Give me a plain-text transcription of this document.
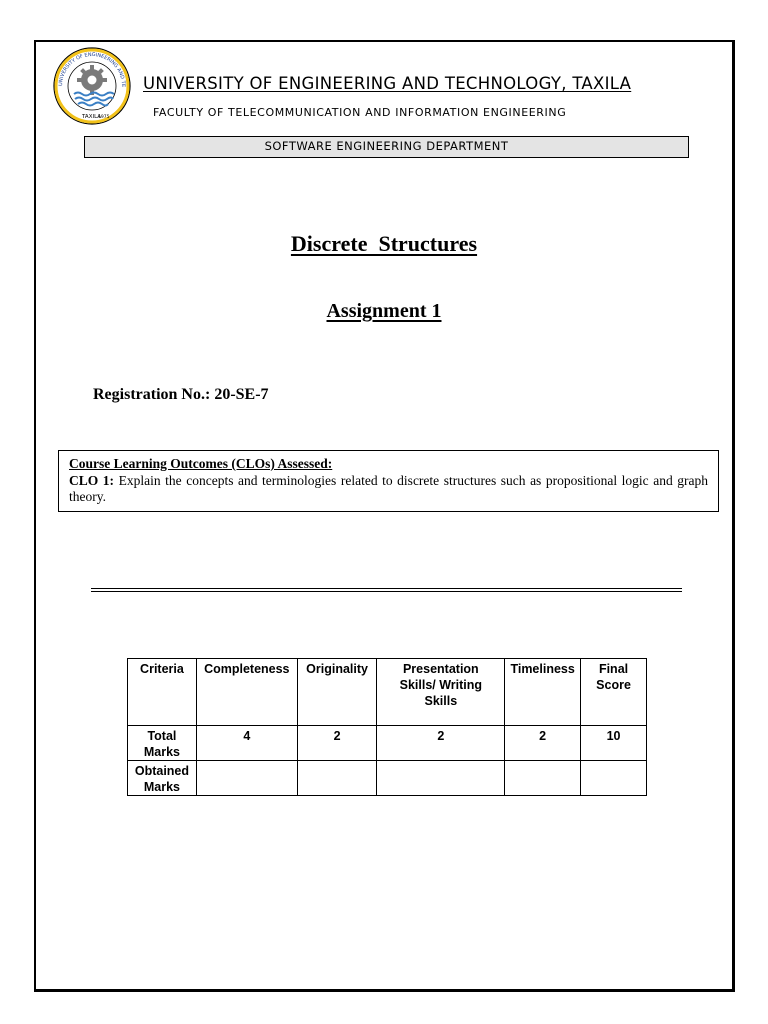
UNIVERSITY OF ENGINEERING AND TE
TAXILA
1975
UNIVERSITY OF ENGINEERING AND TECHNOLOGY, TAXILA
FACULTY OF TELECOMMUNICATION AND INFORMATION ENGINEERING
SOFTWARE ENGINEERING DEPARTMENT
Discrete  Structures
Assignment 1
Registration No.: 20-SE-7
Course Learning Outcomes (CLOs) Assessed:
CLO 1: Explain the concepts and terminologies related to discrete structures such as propositional logic and graph theory.
Criteria	Completeness	Originality	Presentation Skills/ Writing Skills	Timeliness	Final Score
Total Marks	4	2	2	2	10
Obtained Marks					
